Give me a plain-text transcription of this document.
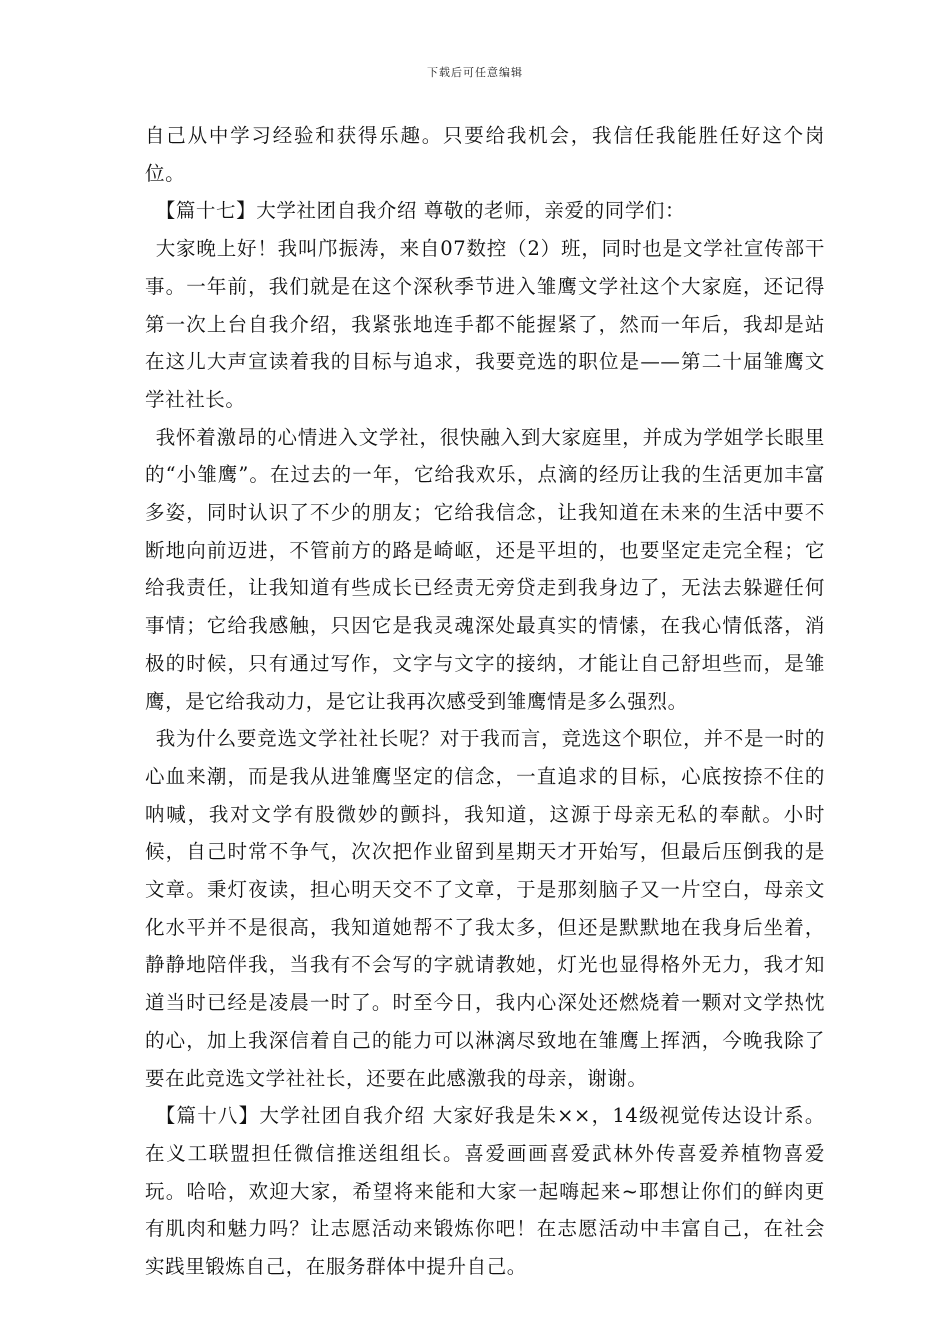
下载后可任意编辑

自己从中学习经验和获得乐趣。只要给我机会，我信任我能胜任好这个岗位。

【篇十七】大学社团自我介绍 尊敬的老师，亲爱的同学们：

大家晚上好！我叫邝振涛，来自07数控（2）班，同时也是文学社宣传部干事。一年前，我们就是在这个深秋季节进入雏鹰文学社这个大家庭，还记得第一次上台自我介绍，我紧张地连手都不能握紧了，然而一年后，我却是站在这儿大声宣读着我的目标与追求，我要竞选的职位是——第二十届雏鹰文学社社长。

我怀着激昂的心情进入文学社，很快融入到大家庭里，并成为学姐学长眼里的“小雏鹰”。在过去的一年，它给我欢乐，点滴的经历让我的生活更加丰富多姿，同时认识了不少的朋友；它给我信念，让我知道在未来的生活中要不断地向前迈进，不管前方的路是崎岖，还是平坦的，也要坚定走完全程；它给我责任，让我知道有些成长已经责无旁贷走到我身边了，无法去躲避任何事情；它给我感触，只因它是我灵魂深处最真实的情愫，在我心情低落，消极的时候，只有通过写作，文字与文字的接纳，才能让自己舒坦些而，是雏鹰，是它给我动力，是它让我再次感受到雏鹰情是多么强烈。

我为什么要竞选文学社社长呢？对于我而言，竞选这个职位，并不是一时的心血来潮，而是我从进雏鹰坚定的信念，一直追求的目标，心底按捺不住的呐喊，我对文学有股微妙的颤抖，我知道，这源于母亲无私的奉献。小时候，自己时常不争气，次次把作业留到星期天才开始写，但最后压倒我的是文章。秉灯夜读，担心明天交不了文章，于是那刻脑子又一片空白，母亲文化水平并不是很高，我知道她帮不了我太多，但还是默默地在我身后坐着，静静地陪伴我，当我有不会写的字就请教她，灯光也显得格外无力，我才知道当时已经是凌晨一时了。时至今日，我内心深处还燃烧着一颗对文学热忱的心，加上我深信着自己的能力可以淋漓尽致地在雏鹰上挥洒，今晚我除了要在此竞选文学社社长，还要在此感激我的母亲，谢谢。

【篇十八】大学社团自我介绍 大家好我是朱××，14级视觉传达设计系。在义工联盟担任微信推送组组长。喜爱画画喜爱武林外传喜爱养植物喜爱玩。哈哈，欢迎大家，希望将来能和大家一起嗨起来~耶想让你们的鲜肉更有肌肉和魅力吗？让志愿活动来锻炼你吧！在志愿活动中丰富自己，在社会实践里锻炼自己，在服务群体中提升自己。
